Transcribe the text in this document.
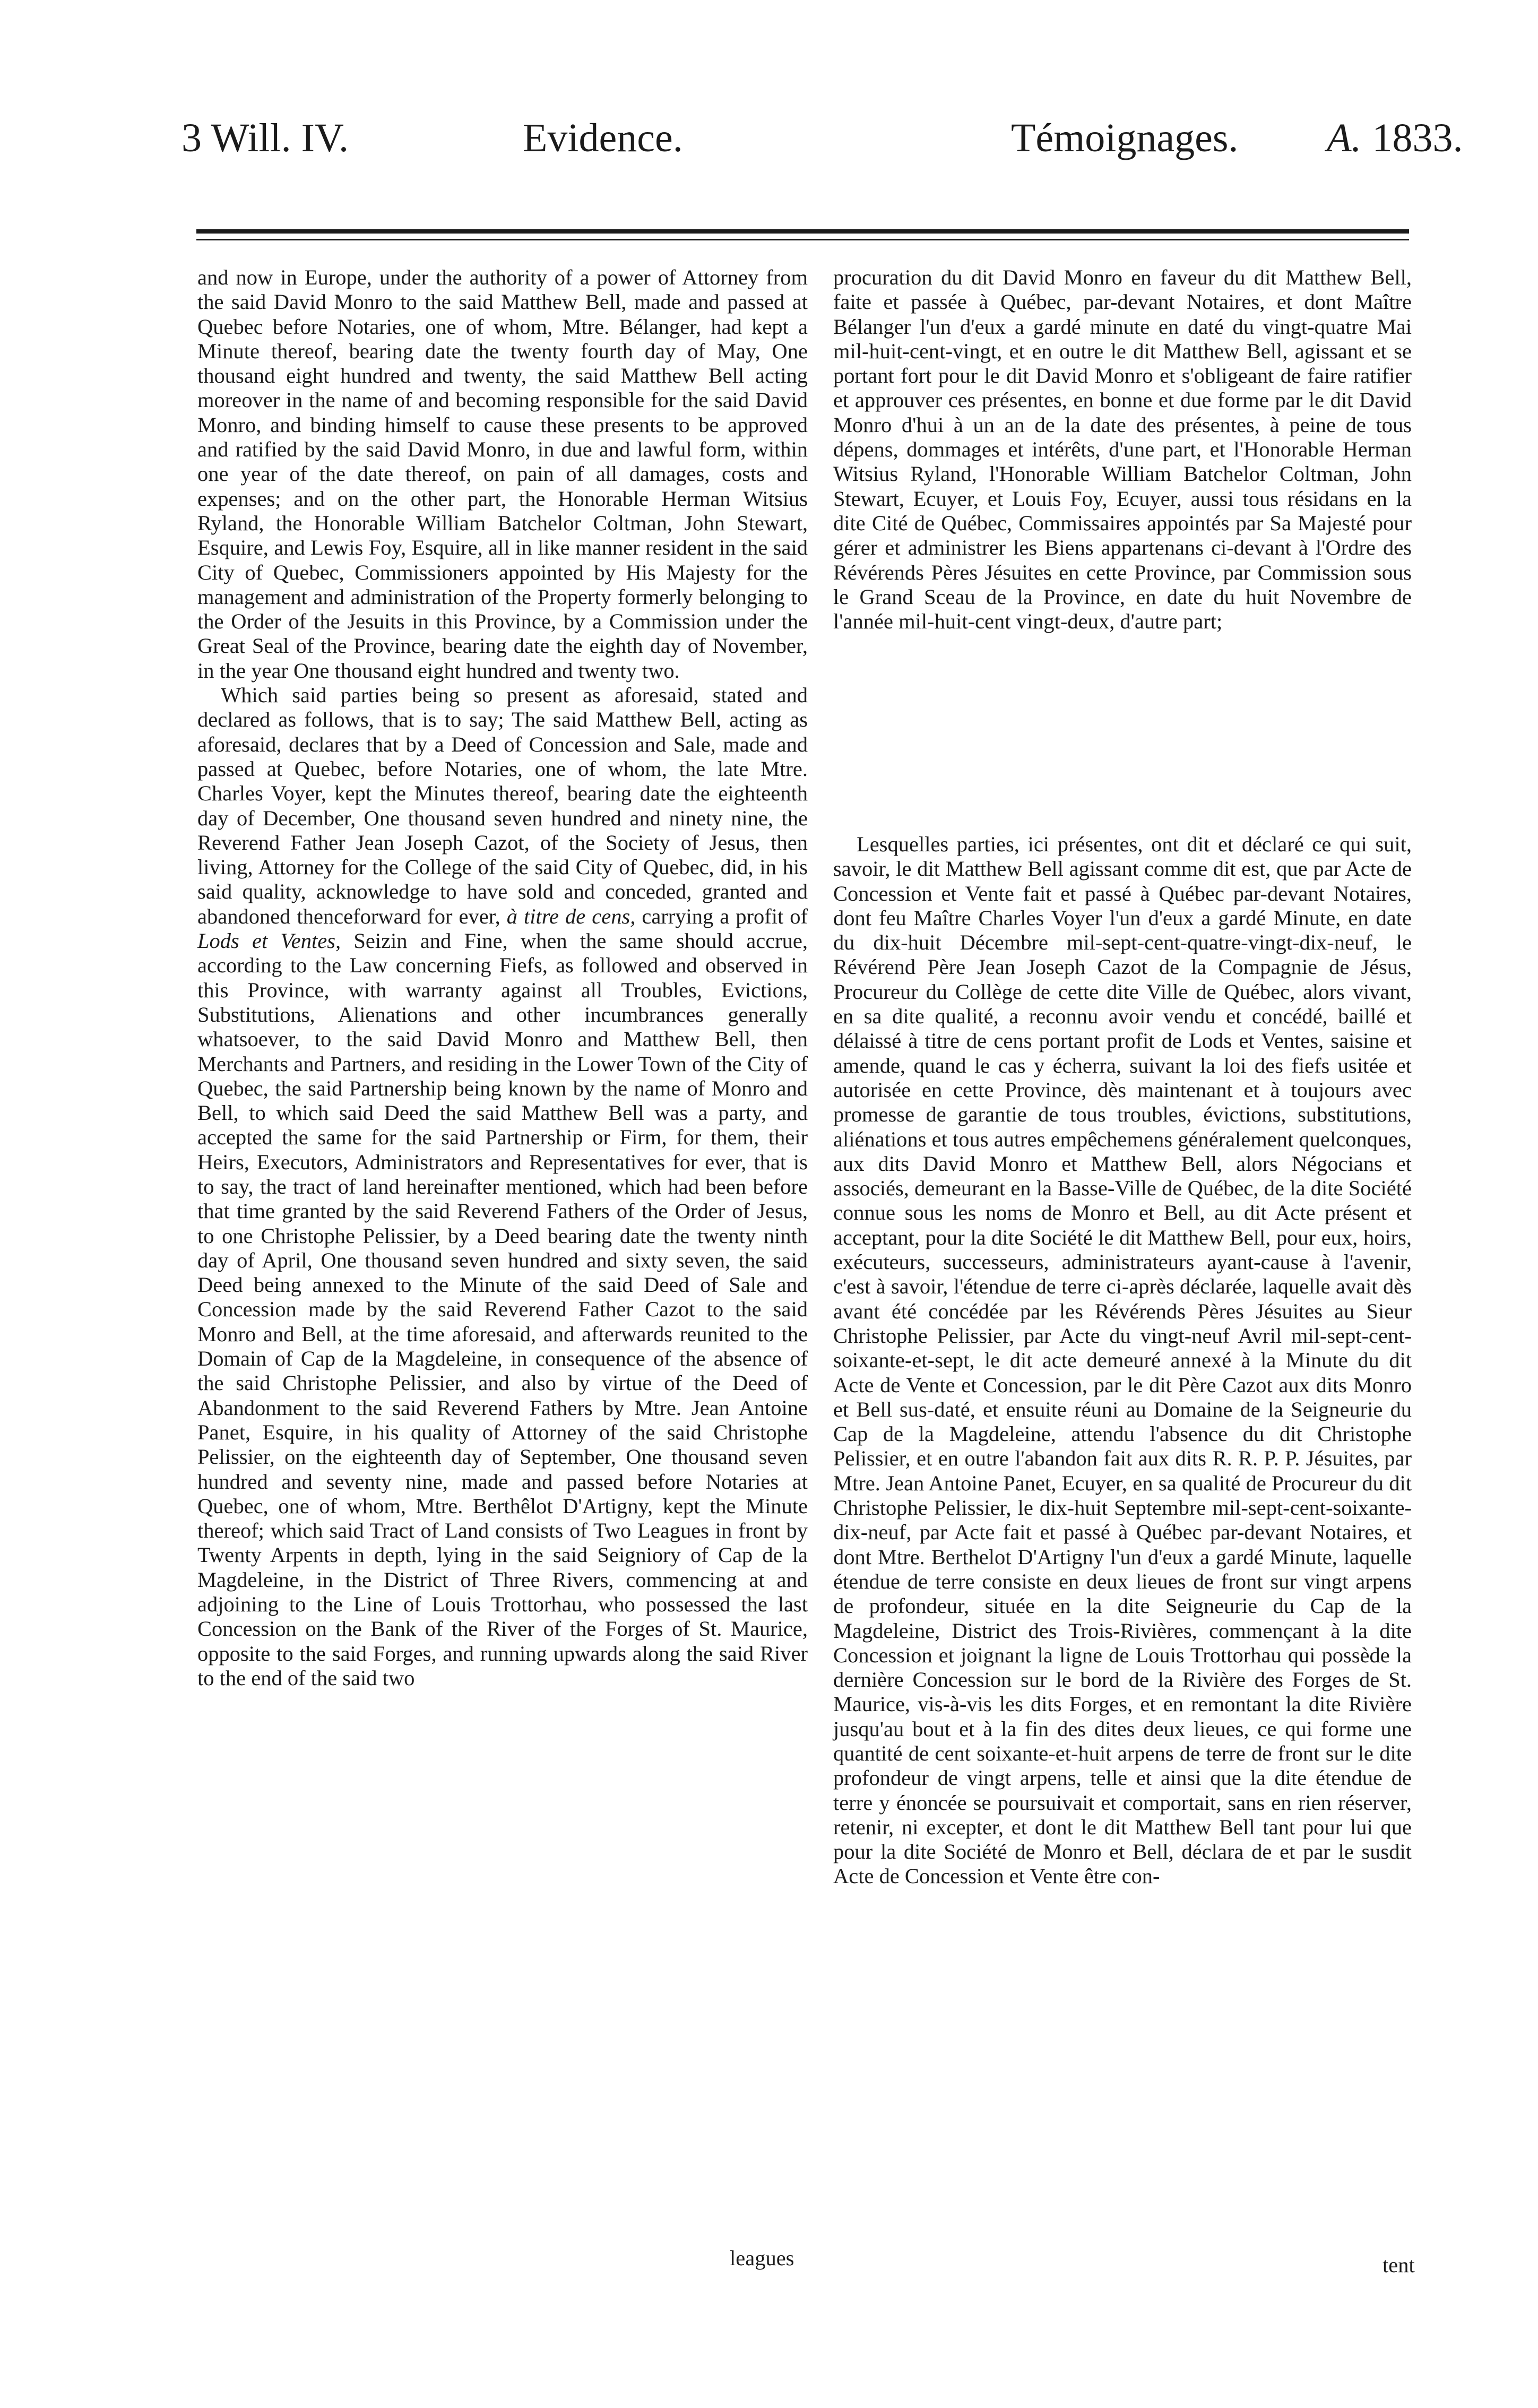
3 Will. IV.	Evidence.	Témoignages. A. 1833.

and now in Europe, under the authority of a power of Attorney from the said David Monro to the said Matthew Bell, made and passed at Quebec before Notaries, one of whom, Mtre. Bélanger, had kept a Minute thereof, bearing date the twenty fourth day of May, One thousand eight hundred and twenty, the said Matthew Bell acting moreover in the name of and becoming responsible for the said David Monro, and binding himself to cause these presents to be approved and ratified by the said David Monro, in due and lawful form, within one year of the date thereof, on pain of all damages, costs and expenses; and on the other part, the Honorable Herman Witsius Ryland, the Honorable William Batchelor Coltman, John Stewart, Esquire, and Lewis Foy, Esquire, all in like manner resident in the said City of Quebec, Commissioners appointed by His Majesty for the management and administration of the Property formerly belonging to the Order of the Jesuits in this Province, by a Commission under the Great Seal of the Province, bearing date the eighth day of November, in the year One thousand eight hundred and twenty two.

Which said parties being so present as aforesaid, stated and declared as follows, that is to say; The said Matthew Bell, acting as aforesaid, declares that by a Deed of Concession and Sale, made and passed at Quebec, before Notaries, one of whom, the late Mtre. Charles Voyer, kept the Minutes thereof, bearing date the eighteenth day of December, One thousand seven hundred and ninety nine, the Reverend Father Jean Joseph Cazot, of the Society of Jesus, then living, Attorney for the College of the said City of Quebec, did, in his said quality, acknowledge to have sold and conceded, granted and abandoned thenceforward for ever, à titre de cens, carrying a profit of Lods et Ventes, Seizin and Fine, when the same should accrue, according to the Law concerning Fiefs, as followed and observed in this Province, with warranty against all Troubles, Evictions, Substitutions, Alienations and other incumbrances generally whatsoever, to the said David Monro and Matthew Bell, then Merchants and Partners, and residing in the Lower Town of the City of Quebec, the said Partnership being known by the name of Monro and Bell, to which said Deed the said Matthew Bell was a party, and accepted the same for the said Partnership or Firm, for them, their Heirs, Executors, Administrators and Representatives for ever, that is to say, the tract of land hereinafter mentioned, which had been before that time granted by the said Reverend Fathers of the Order of Jesus, to one Christophe Pelissier, by a Deed bearing date the twenty ninth day of April, One thousand seven hundred and sixty seven, the said Deed being annexed to the Minute of the said Deed of Sale and Concession made by the said Reverend Father Cazot to the said Monro and Bell, at the time aforesaid, and afterwards reunited to the Domain of Cap de la Magdeleine, in consequence of the absence of the said Christophe Pelissier, and also by virtue of the Deed of Abandonment to the said Reverend Fathers by Mtre. Jean Antoine Panet, Esquire, in his quality of Attorney of the said Christophe Pelissier, on the eighteenth day of September, One thousand seven hundred and seventy nine, made and passed before Notaries at Quebec, one of whom, Mtre. Berthêlot D'Artigny, kept the Minute thereof; which said Tract of Land consists of Two Leagues in front by Twenty Arpents in depth, lying in the said Seigniory of Cap de la Magdeleine, in the District of Three Rivers, commencing at and adjoining to the Line of Louis Trottorhau, who possessed the last Concession on the Bank of the River of the Forges of St. Maurice, opposite to the said Forges, and running upwards along the said River to the end of the said two

procuration du dit David Monro en faveur du dit Matthew Bell, faite et passée à Québec, par-devant Notaires, et dont Maître Bélanger l'un d'eux a gardé minute en daté du vingt-quatre Mai mil-huit-cent-vingt, et en outre le dit Matthew Bell, agissant et se portant fort pour le dit David Monro et s'obligeant de faire ratifier et approuver ces présentes, en bonne et due forme par le dit David Monro d'hui à un an de la date des présentes, à peine de tous dépens, dommages et intérêts, d'une part, et l'Honorable Herman Witsius Ryland, l'Honorable William Batchelor Coltman, John Stewart, Ecuyer, et Louis Foy, Ecuyer, aussi tous résidans en la dite Cité de Québec, Commissaires appointés par Sa Majesté pour gérer et administrer les Biens appartenans ci-devant à l'Ordre des Révérends Pères Jésuites en cette Province, par Commission sous le Grand Sceau de la Province, en date du huit Novembre de l'année mil-huit-cent vingt-deux, d'autre part;

Lesquelles parties, ici présentes, ont dit et déclaré ce qui suit, savoir, le dit Matthew Bell agissant comme dit est, que par Acte de Concession et Vente fait et passé à Québec par-devant Notaires, dont feu Maître Charles Voyer l'un d'eux a gardé Minute, en date du dix-huit Décembre mil-sept-cent-quatre-vingt-dix-neuf, le Révérend Père Jean Joseph Cazot de la Compagnie de Jésus, Procureur du Collège de cette dite Ville de Québec, alors vivant, en sa dite qualité, a reconnu avoir vendu et concédé, baillé et délaissé à titre de cens portant profit de Lods et Ventes, saisine et amende, quand le cas y écherra, suivant la loi des fiefs usitée et autorisée en cette Province, dès maintenant et à toujours avec promesse de garantie de tous troubles, évictions, substitutions, aliénations et tous autres empêchemens généralement quelconques, aux dits David Monro et Matthew Bell, alors Négocians et associés, demeurant en la Basse-Ville de Québec, de la dite Société connue sous les noms de Monro et Bell, au dit Acte présent et acceptant, pour la dite Société le dit Matthew Bell, pour eux, hoirs, exécuteurs, successeurs, administrateurs ayant-cause à l'avenir, c'est à savoir, l'étendue de terre ci-après déclarée, laquelle avait dès avant été concédée par les Révérends Pères Jésuites au Sieur Christophe Pelissier, par Acte du vingt-neuf Avril mil-sept-cent-soixante-et-sept, le dit acte demeuré annexé à la Minute du dit Acte de Vente et Concession, par le dit Père Cazot aux dits Monro et Bell sus-daté, et ensuite réuni au Domaine de la Seigneurie du Cap de la Magdeleine, attendu l'absence du dit Christophe Pelissier, et en outre l'abandon fait aux dits R. R. P. P. Jésuites, par Mtre. Jean Antoine Panet, Ecuyer, en sa qualité de Procureur du dit Christophe Pelissier, le dix-huit Septembre mil-sept-cent-soixante-dix-neuf, par Acte fait et passé à Québec par-devant Notaires, et dont Mtre. Berthelot D'Artigny l'un d'eux a gardé Minute, laquelle étendue de terre consiste en deux lieues de front sur vingt arpens de profondeur, située en la dite Seigneurie du Cap de la Magdeleine, District des Trois-Rivières, commençant à la dite Concession et joignant la ligne de Louis Trottorhau qui possède la dernière Concession sur le bord de la Rivière des Forges de St. Maurice, vis-à-vis les dits Forges, et en remontant la dite Rivière jusqu'au bout et à la fin des dites deux lieues, ce qui forme une quantité de cent soixante-et-huit arpens de terre de front sur le dite profondeur de vingt arpens, telle et ainsi que la dite étendue de terre y énoncée se poursuivait et comportait, sans en rien réserver, retenir, ni excepter, et dont le dit Matthew Bell tant pour lui que pour la dite Société de Monro et Bell, déclara de et par le susdit Acte de Concession et Vente être con-

leagues	tent
